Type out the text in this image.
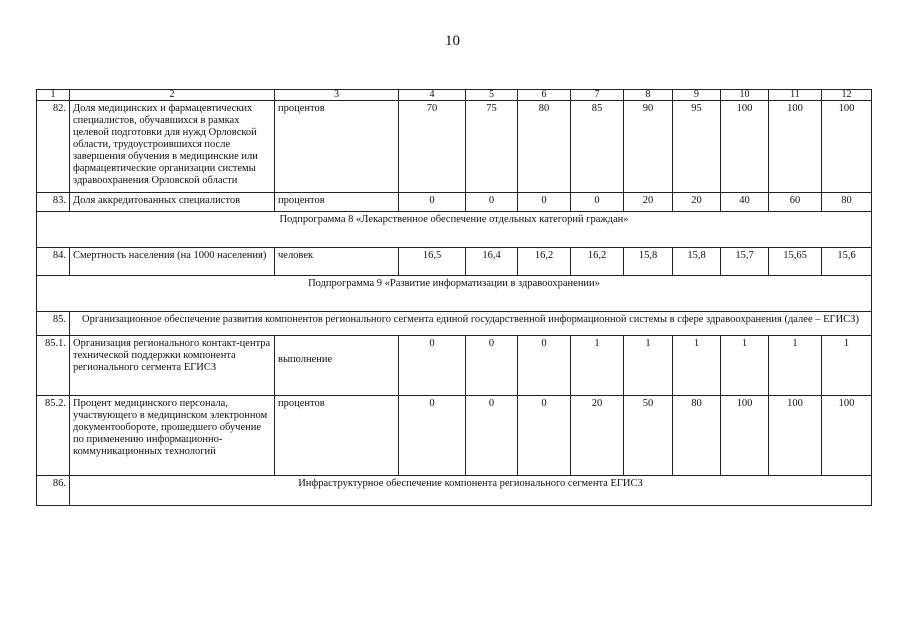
10
1	2	3	4	5	6	7	8	9	10	11	12
82.	Доля медицинских и фармацевтических специалистов, обучавшихся в рамках целевой подготовки для нужд Орловской области, трудоустроившихся после завершения обучения в медицинские или фармацевтические организации системы здравоохранения Орловской области	процентов	70	75	80	85	90	95	100	100	100
83.	Доля аккредитованных специалистов	процентов	0	0	0	0	20	20	40	60	80
Подпрограмма 8 «Лекарственное обеспечение отдельных категорий граждан»											
84.	Смертность населения (на 1000 населения)	человек	16,5	16,4	16,2	16,2	15,8	15,8	15,7	15,65	15,6
Подпрограмма 9 «Развитие информатизации в здравоохранении»											
85.	Организационное обеспечение развития компонентов регионального сегмента единой государственной информационной системы в сфере здравоохранения (далее – ЕГИСЗ)										
85.1.	Организация регионального контакт-центра технической поддержки компонента регионального сегмента ЕГИСЗ	выполнение	0	0	0	1	1	1	1	1	1
85.2.	Процент медицинского персонала, участвующего в медицинском электронном документообороте, прошедшего обучение по применению информационно-коммуникационных технологий	процентов	0	0	0	20	50	80	100	100	100
86.	Инфраструктурное обеспечение компонента регионального сегмента ЕГИСЗ										
